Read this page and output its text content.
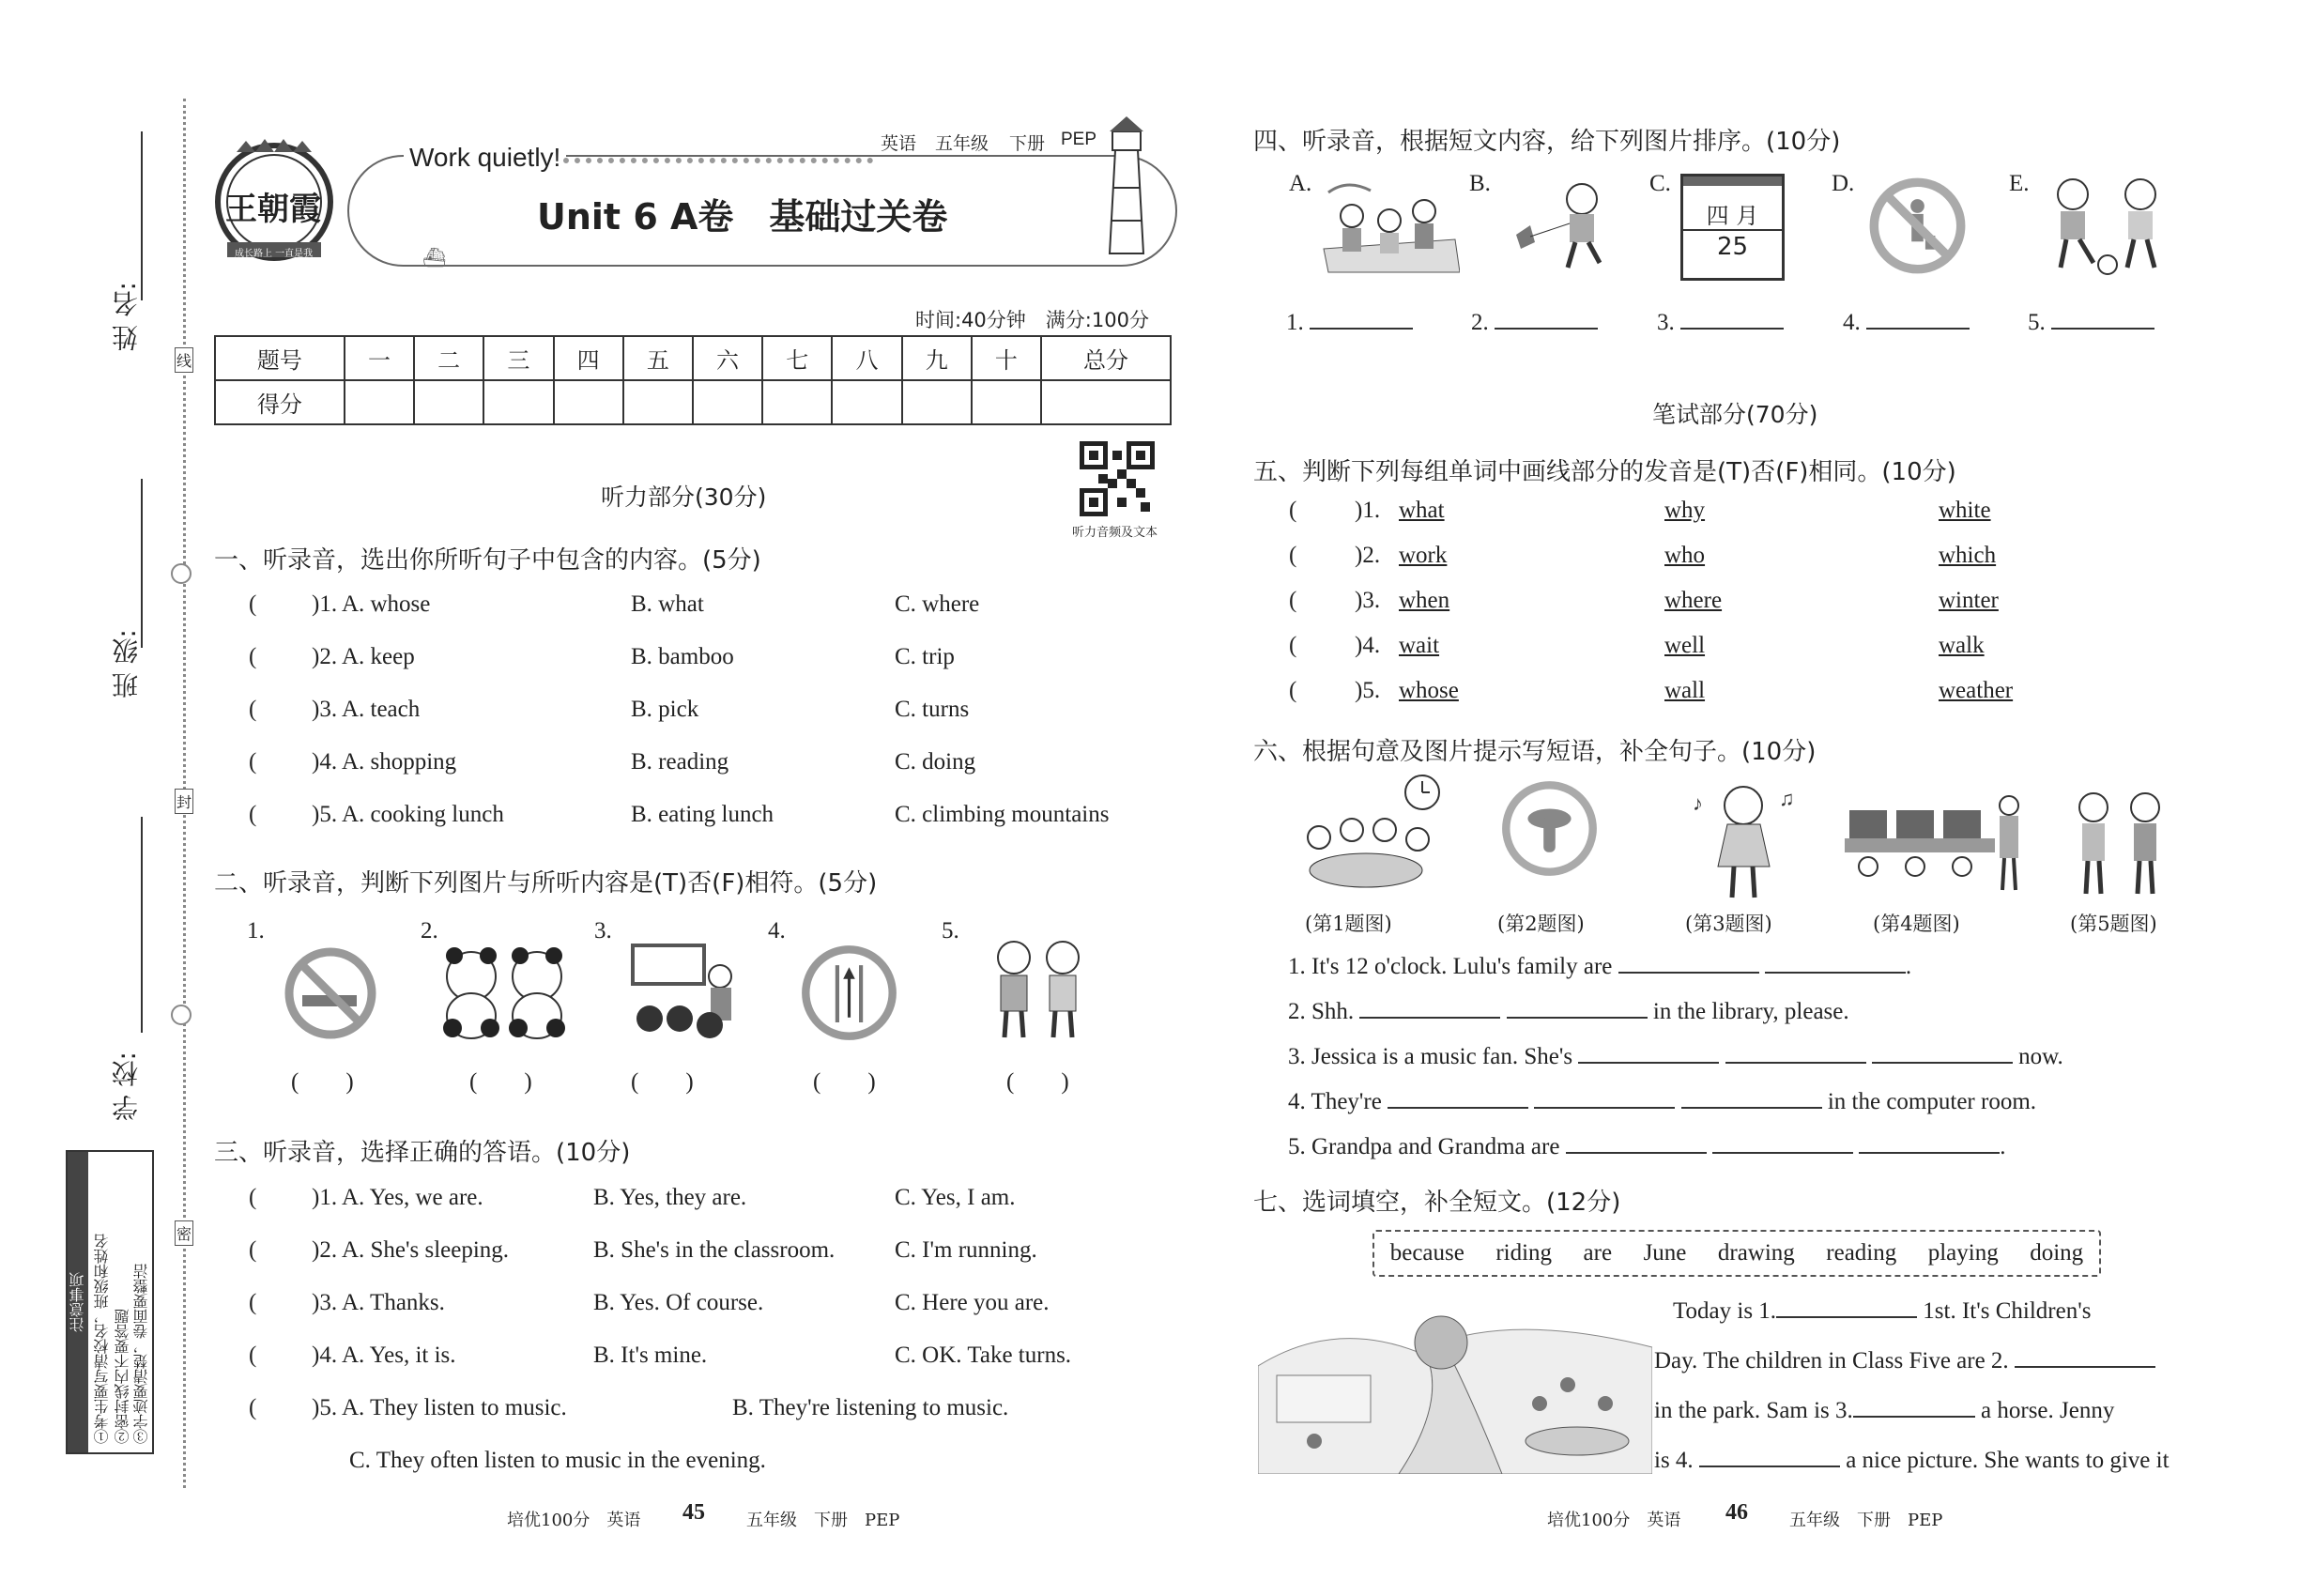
姓 名:
班 级:
学 校:
线
封
密
注意事项 ①考生要写清校名，班级和姓名 ②密封线内不要答题 ③字迹要清楚，卷面要整洁
王朝霞
成长路上 一直是我
Work quietly!	英语 五年级 下册 PEP
Unit 6 A卷　基础过关卷
⛴
时间:40分钟　满分:100分
题号	一	二	三	四	五	六	七	八	九	十	总分
得分											
听力音频及文本
听力部分(30分)
一、听录音，选出你所听句子中包含的内容。(5分)
( )1. A. whose	B. what	C. where
( )2. A. keep	B. bamboo	C. trip
( )3. A. teach	B. pick	C. turns
( )4. A. shopping	B. reading	C. doing
( )5. A. cooking lunch	B. eating lunch	C. climbing mountains
二、听录音，判断下列图片与所听内容是(T)否(F)相符。(5分)
1.	2.	3.	4.	5.
(　　)	(　　)	(　　)	(　　)	(　　)
三、听录音，选择正确的答语。(10分)
( )1. A. Yes, we are.	B. Yes, they are.	C. Yes, I am.
( )2. A. She's sleeping.	B. She's in the classroom.	C. I'm running.
( )3. A. Thanks.	B. Yes. Of course.	C. Here you are.
( )4. A. Yes, it is.	B. It's mine.	C. OK. Take turns.
( )5. A. They listen to music.	B. They're listening to music.
C. They often listen to music in the evening.
培优100分　英语 45 五年级　下册　PEP
四、听录音，根据短文内容，给下列图片排序。(10分)
A.	B.	C.	D.	E.
四 月
25
1.	2.	3.	4.	5.
笔试部分(70分)
五、判断下列每组单词中画线部分的发音是(T)否(F)相同。(10分)
( )1. what	why	white
( )2. work	who	which
( )3. when	where	winter
( )4. wait	well	walk
( )5. whose	wall	weather
六、根据句意及图片提示写短语，补全句子。(10分)
♪	♫
(第1题图)	(第2题图)	(第3题图)	(第4题图)	(第5题图)
1. It's 12 o'clock. Lulu's family are	.
2. Shh.	in the library, please.
3. Jessica is a music fan. She's	now.
4. They're	in the computer room.
5. Grandpa and Grandma are	.
七、选词填空，补全短文。(12分)
because riding are June drawing reading playing doing
Today is 1.	1st. It's Children's
Day. The children in Class Five are 2.
in the park. Sam is 3.	a horse. Jenny
is 4.	a nice picture. She wants to give it
培优100分　英语 46 五年级　下册　PEP
